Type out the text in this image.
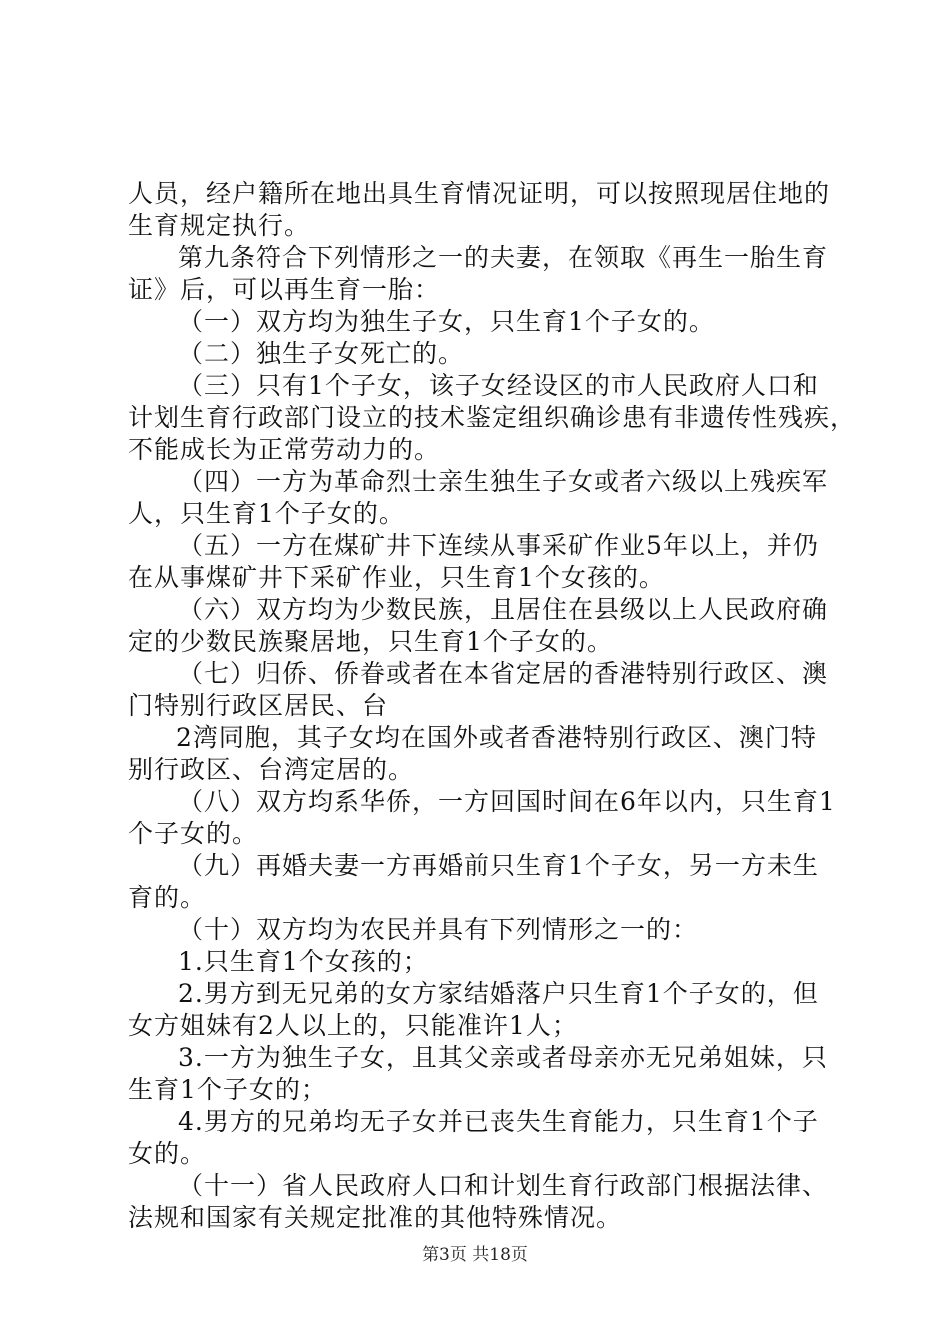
人员，经户籍所在地出具生育情况证明，可以按照现居住地的
生育规定执行。
第九条符合下列情形之一的夫妻，在领取《再生一胎生育
证》后，可以再生育一胎：
（一）双方均为独生子女，只生育1个子女的。
（二）独生子女死亡的。
（三）只有1个子女，该子女经设区的市人民政府人口和
计划生育行政部门设立的技术鉴定组织确诊患有非遗传性残疾，
不能成长为正常劳动力的。
（四）一方为革命烈士亲生独生子女或者六级以上残疾军
人，只生育1个子女的。
（五）一方在煤矿井下连续从事采矿作业5年以上，并仍
在从事煤矿井下采矿作业，只生育1个女孩的。
（六）双方均为少数民族，且居住在县级以上人民政府确
定的少数民族聚居地，只生育1个子女的。
（七）归侨、侨眷或者在本省定居的香港特别行政区、澳
门特别行政区居民、台
2湾同胞，其子女均在国外或者香港特别行政区、澳门特
别行政区、台湾定居的。
（八）双方均系华侨，一方回国时间在6年以内，只生育1
个子女的。
（九）再婚夫妻一方再婚前只生育1个子女，另一方未生
育的。
（十）双方均为农民并具有下列情形之一的：
1.只生育1个女孩的；
2.男方到无兄弟的女方家结婚落户只生育1个子女的，但
女方姐妹有2人以上的，只能准许1人；
3.一方为独生子女，且其父亲或者母亲亦无兄弟姐妹，只
生育1个子女的；
4.男方的兄弟均无子女并已丧失生育能力，只生育1个子
女的。
（十一）省人民政府人口和计划生育行政部门根据法律、
法规和国家有关规定批准的其他特殊情况。
第3页 共18页
